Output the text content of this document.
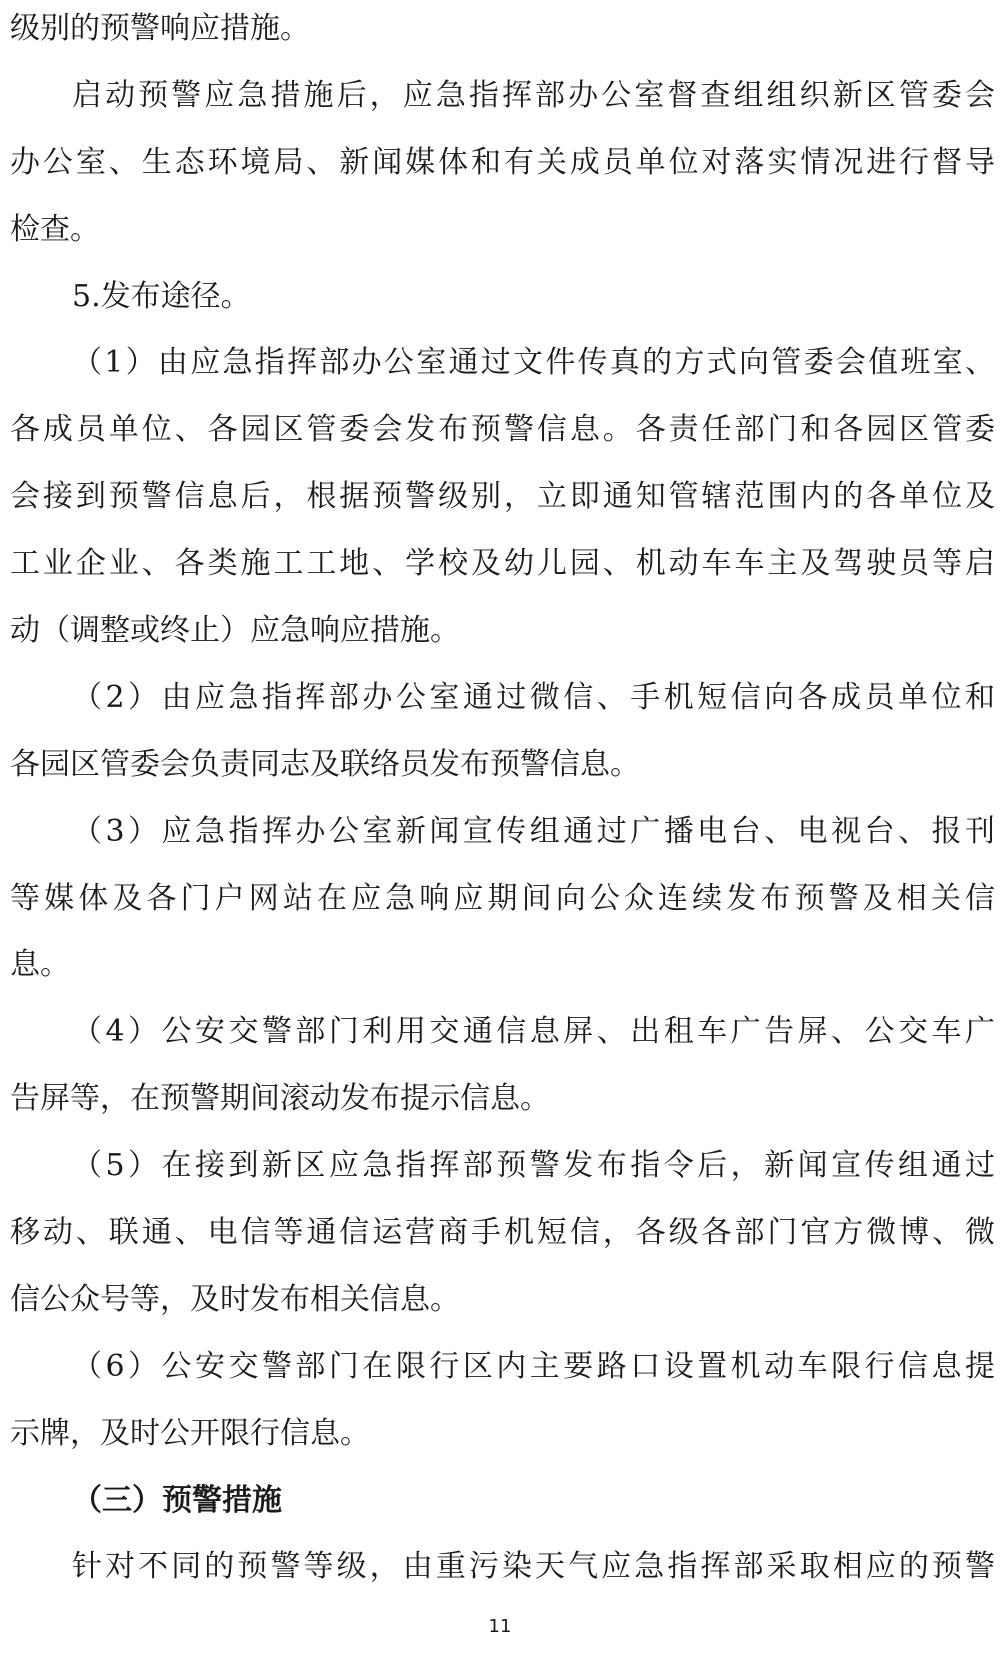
级别的预警响应措施。
启动预警应急措施后，应急指挥部办公室督查组组织新区管委会
办公室、生态环境局、新闻媒体和有关成员单位对落实情况进行督导
检查。
5.发布途径。
（1）由应急指挥部办公室通过文件传真的方式向管委会值班室、
各成员单位、各园区管委会发布预警信息。各责任部门和各园区管委
会接到预警信息后，根据预警级别，立即通知管辖范围内的各单位及
工业企业、各类施工工地、学校及幼儿园、机动车车主及驾驶员等启
动（调整或终止）应急响应措施。
（2）由应急指挥部办公室通过微信、手机短信向各成员单位和
各园区管委会负责同志及联络员发布预警信息。
（3）应急指挥办公室新闻宣传组通过广播电台、电视台、报刊
等媒体及各门户网站在应急响应期间向公众连续发布预警及相关信
息。
（4）公安交警部门利用交通信息屏、出租车广告屏、公交车广
告屏等，在预警期间滚动发布提示信息。
（5）在接到新区应急指挥部预警发布指令后，新闻宣传组通过
移动、联通、电信等通信运营商手机短信，各级各部门官方微博、微
信公众号等，及时发布相关信息。
（6）公安交警部门在限行区内主要路口设置机动车限行信息提
示牌，及时公开限行信息。
（三）预警措施
针对不同的预警等级，由重污染天气应急指挥部采取相应的预警
11
